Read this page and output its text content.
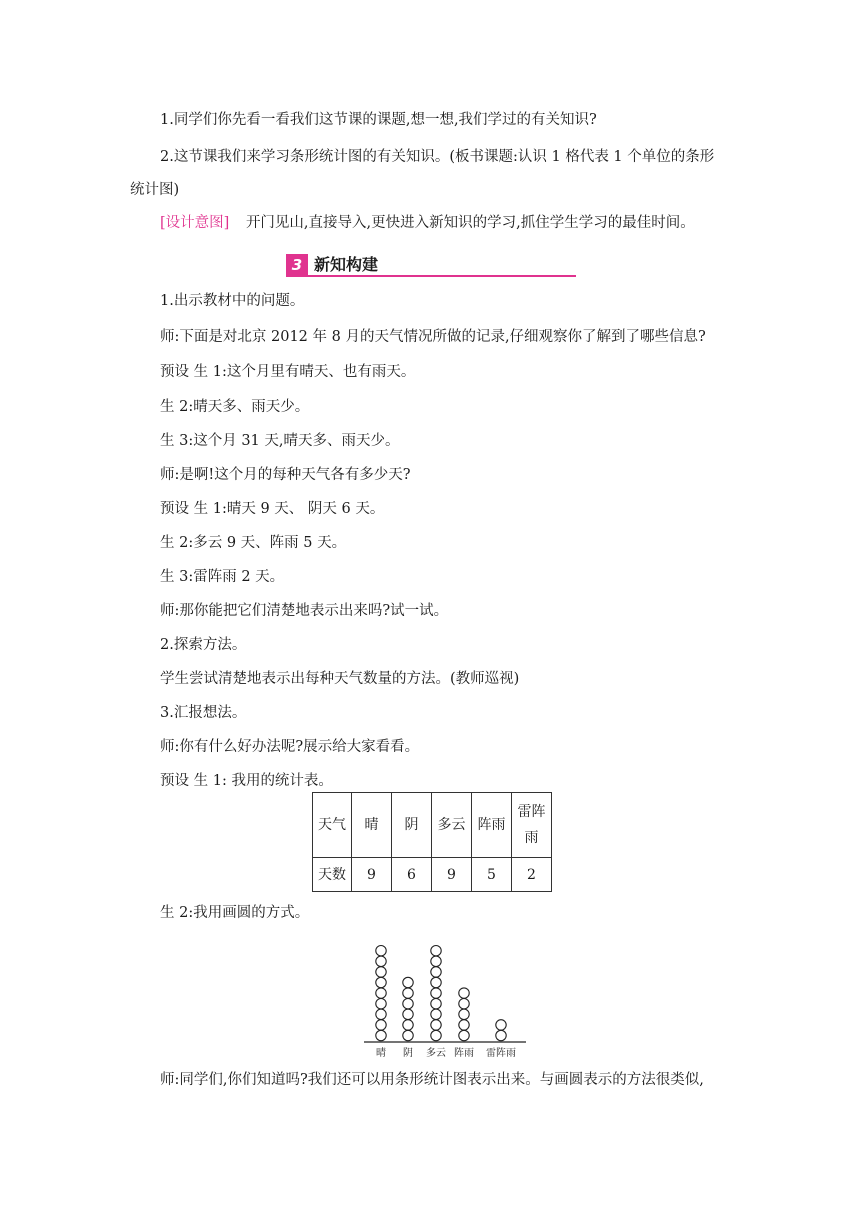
1.同学们你先看一看我们这节课的课题,想一想,我们学过的有关知识?
2.这节课我们来学习条形统计图的有关知识。(板书课题:认识 1 格代表 1 个单位的条形
统计图)
[设计意图] 开门见山,直接导入,更快进入新知识的学习,抓住学生学习的最佳时间。
3 新知构建
1.出示教材中的问题。
师:下面是对北京 2012 年 8 月的天气情况所做的记录,仔细观察你了解到了哪些信息?
预设 生 1:这个月里有晴天、也有雨天。
生 2:晴天多、雨天少。
生 3:这个月 31 天,晴天多、雨天少。
师:是啊!这个月的每种天气各有多少天?
预设 生 1:晴天 9 天、 阴天 6 天。
生 2:多云 9 天、阵雨 5 天。
生 3:雷阵雨 2 天。
师:那你能把它们清楚地表示出来吗?试一试。
2.探索方法。
学生尝试清楚地表示出每种天气数量的方法。(教师巡视)
3.汇报想法。
师:你有什么好办法呢?展示给大家看看。
预设 生 1: 我用的统计表。
天气	晴	阴	多云	阵雨	雷阵
雨
天数	9	6	9	5	2
生 2:我用画圆的方式。
晴 阴 多云 阵雨 雷阵雨
师:同学们,你们知道吗?我们还可以用条形统计图表示出来。与画圆表示的方法很类似,
